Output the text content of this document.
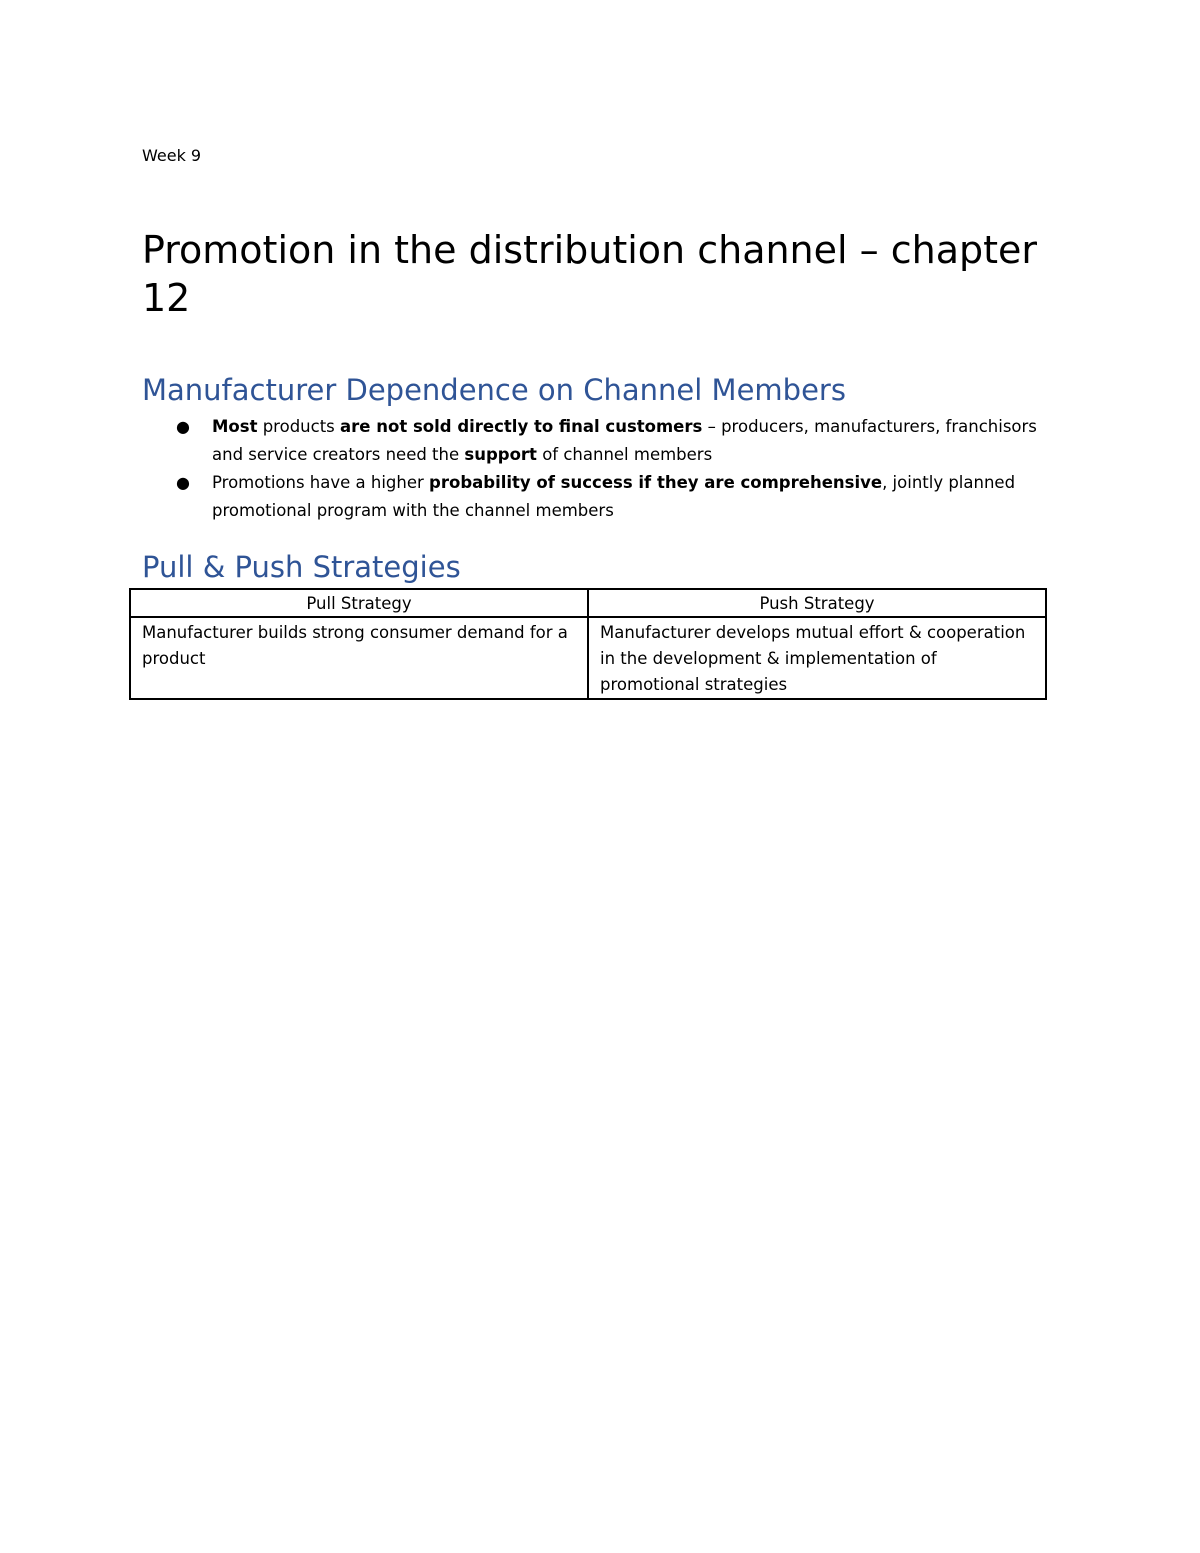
Week 9
Promotion in the distribution channel – chapter 12
Manufacturer Dependence on Channel Members
● Most products are not sold directly to final customers – producers, manufacturers, franchisors and service creators need the support of channel members
● Promotions have a higher probability of success if they are comprehensive, jointly planned promotional program with the channel members
Pull & Push Strategies
Pull Strategy	Push Strategy
Manufacturer builds strong consumer demand for a product	Manufacturer develops mutual effort & cooperation in the development & implementation of promotional strategies
